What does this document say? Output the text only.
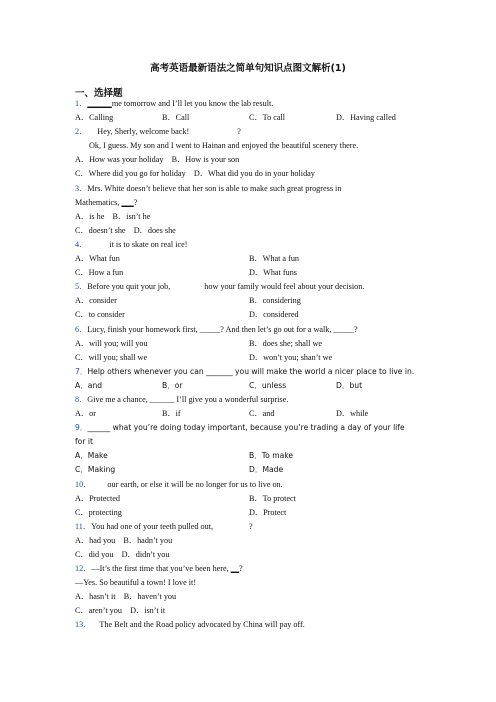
高考英语最新语法之简单句知识点图文解析(1)
一、选择题
1．______me tomorrow and I’ll let you know the lab result.
A．Calling	B．Call	C．To call	D．Having called
2． Hey, Sherly, welcome back!	?
Ok, I guess. My son and I went to Hainan and enjoyed the beautiful scenery there.
A．How was your holiday　B．How is your son
C．Where did you go for holiday　D．What did you do in your holiday
3．Mrs. White doesn’t believe that her son is able to make such great progress in
Mathematics, ___?
A．is he　B．isn’t he
C．doesn’t she　D．does she
4．	it is to skate on real ice!
A．What fun	B．What a fun
C．How a fun	D．What funs
5．Before you quit your job,	how your family would feel about your decision.
A．consider	B．considering
C．to consider	D．considered
6．Lucy, finish your homework first, _____? And then let’s go out for a walk, _____?
A．will you; will you	B．does she; shall we
C．will you; shall we	D．won’t you; shan’t we
7．Help others whenever you can _______ you will make the world a nicer place to live in.
A．and	B．or	C．unless	D．but
8．Give me a chance, ______ I’ll give you a wonderful surprise.
A．or	B．if	C．and	D．while
9．______ what you’re doing today important, because you’re trading a day of your life
for it
A．Make	B．To make
C．Making	D．Made
10． our earth, or else it will be no longer for us to live on.
A．Protected	B．To protect
C．protecting	D．Protect
11．You had one of your teeth pulled out,	?
A．had you　B．hadn’t you
C．did you　D．didn’t you
12．—It’s the first time that you’ve been here, __?
—Yes. So beautiful a town! I love it!
A．hasn’t it　B．haven’t you
C．aren’t you　D．isn’t it
13． The Belt and the Road policy advocated by China will pay off.
